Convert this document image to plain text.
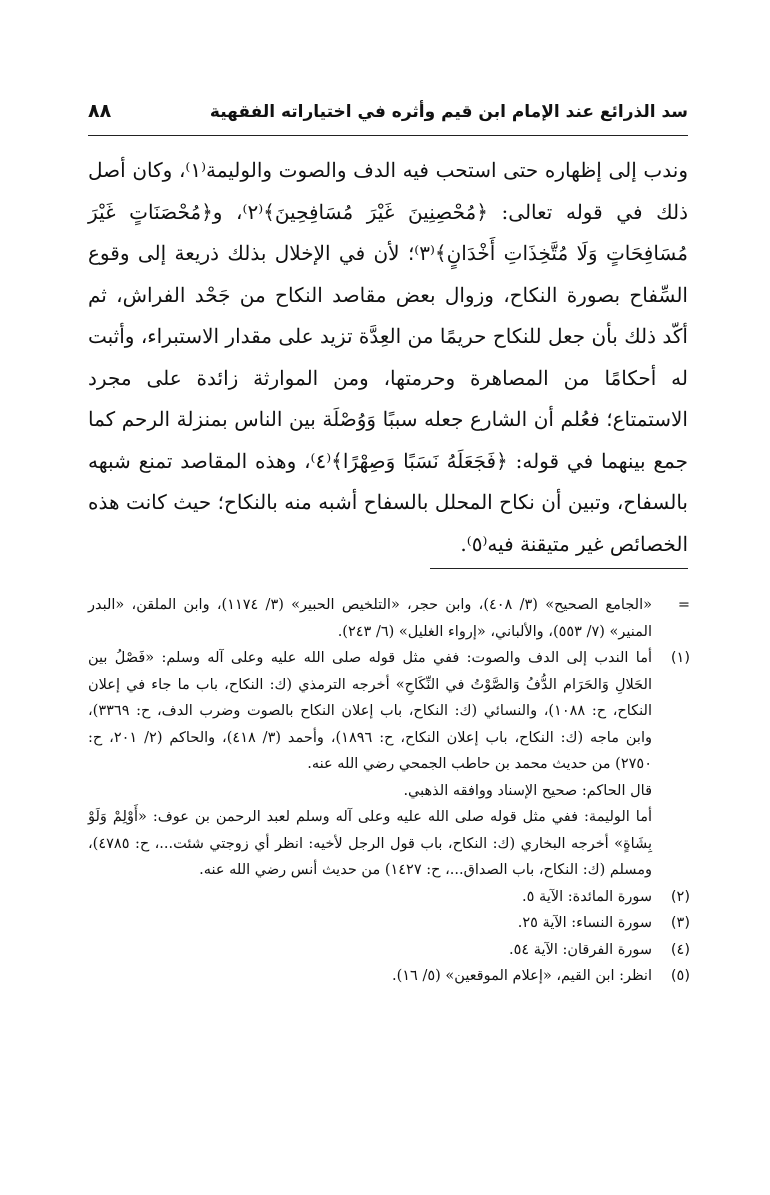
٨٨	سد الذرائع عند الإمام ابن قيم وأثره في اختياراته الفقهية

وندب إلى إظهاره حتى استحب فيه الدف والصوت والوليمة⁽١⁾، وكان أصل ذلك في قوله تعالى: ﴿مُحْصِنِينَ غَيْرَ مُسَافِحِينَ﴾⁽٢⁾، و﴿مُحْصَنَاتٍ غَيْرَ مُسَافِحَاتٍ وَلَا مُتَّخِذَاتِ أَخْدَانٍ﴾⁽٣⁾؛ لأن في الإخلال بذلك ذريعة إلى وقوع السِّفاح بصورة النكاح، وزوال بعض مقاصد النكاح من جَحْد الفراش، ثم أكّد ذلك بأن جعل للنكاح حريمًا من العِدَّة تزيد على مقدار الاستبراء، وأثبت له أحكامًا من المصاهرة وحرمتها، ومن الموارثة زائدة على مجرد الاستمتاع؛ فعُلم أن الشارع جعله سببًا وَوُصْلَة بين الناس بمنزلة الرحم كما جمع بينهما في قوله: ﴿فَجَعَلَهُ نَسَبًا وَصِهْرًا﴾⁽٤⁾، وهذه المقاصد تمنع شبهه بالسفاح، وتبين أن نكاح المحلل بالسفاح أشبه منه بالنكاح؛ حيث كانت هذه الخصائص غير متيقنة فيه⁽٥⁾.

=

«الجامع الصحيح» (٣/ ٤٠٨)، وابن حجر، «التلخيص الحبير» (٣/ ١١٧٤)، وابن الملقن، «البدر المنير» (٧/ ٥٥٣)، والألباني، «إرواء الغليل» (٦/ ٢٤٣).

(١)

أما الندب إلى الدف والصوت: ففي مثل قوله صلى الله عليه وعلى آله وسلم: «فَصْلُ بين الحَلالِ وَالحَرَام الدُّفُ وَالصَّوْتُ في النِّكَاحِ» أخرجه الترمذي (ك: النكاح، باب ما جاء في إعلان النكاح، ح: ١٠٨٨)، والنسائي (ك: النكاح، باب إعلان النكاح بالصوت وضرب الدف، ح: ٣٣٦٩)، وابن ماجه (ك: النكاح، باب إعلان النكاح، ح: ١٨٩٦)، وأحمد (٣/ ٤١٨)، والحاكم (٢/ ٢٠١، ح: ٢٧٥٠) من حديث محمد بن حاطب الجمحي رضي الله عنه.

قال الحاكم: صحيح الإسناد ووافقه الذهبي.

أما الوليمة: ففي مثل قوله صلى الله عليه وعلى آله وسلم لعبد الرحمن بن عوف: «أَوْلِمْ وَلَوْ بِشَاةٍ» أخرجه البخاري (ك: النكاح، باب قول الرجل لأخيه: انظر أي زوجتي شئت...، ح: ٤٧٨٥)، ومسلم (ك: النكاح، باب الصداق...، ح: ١٤٢٧) من حديث أنس رضي الله عنه.

(٢)

سورة المائدة: الآية ٥.

(٣)

سورة النساء: الآية ٢٥.

(٤)

سورة الفرقان: الآية ٥٤.

(٥)

انظر: ابن القيم، «إعلام الموقعين» (٥/ ١٦).
